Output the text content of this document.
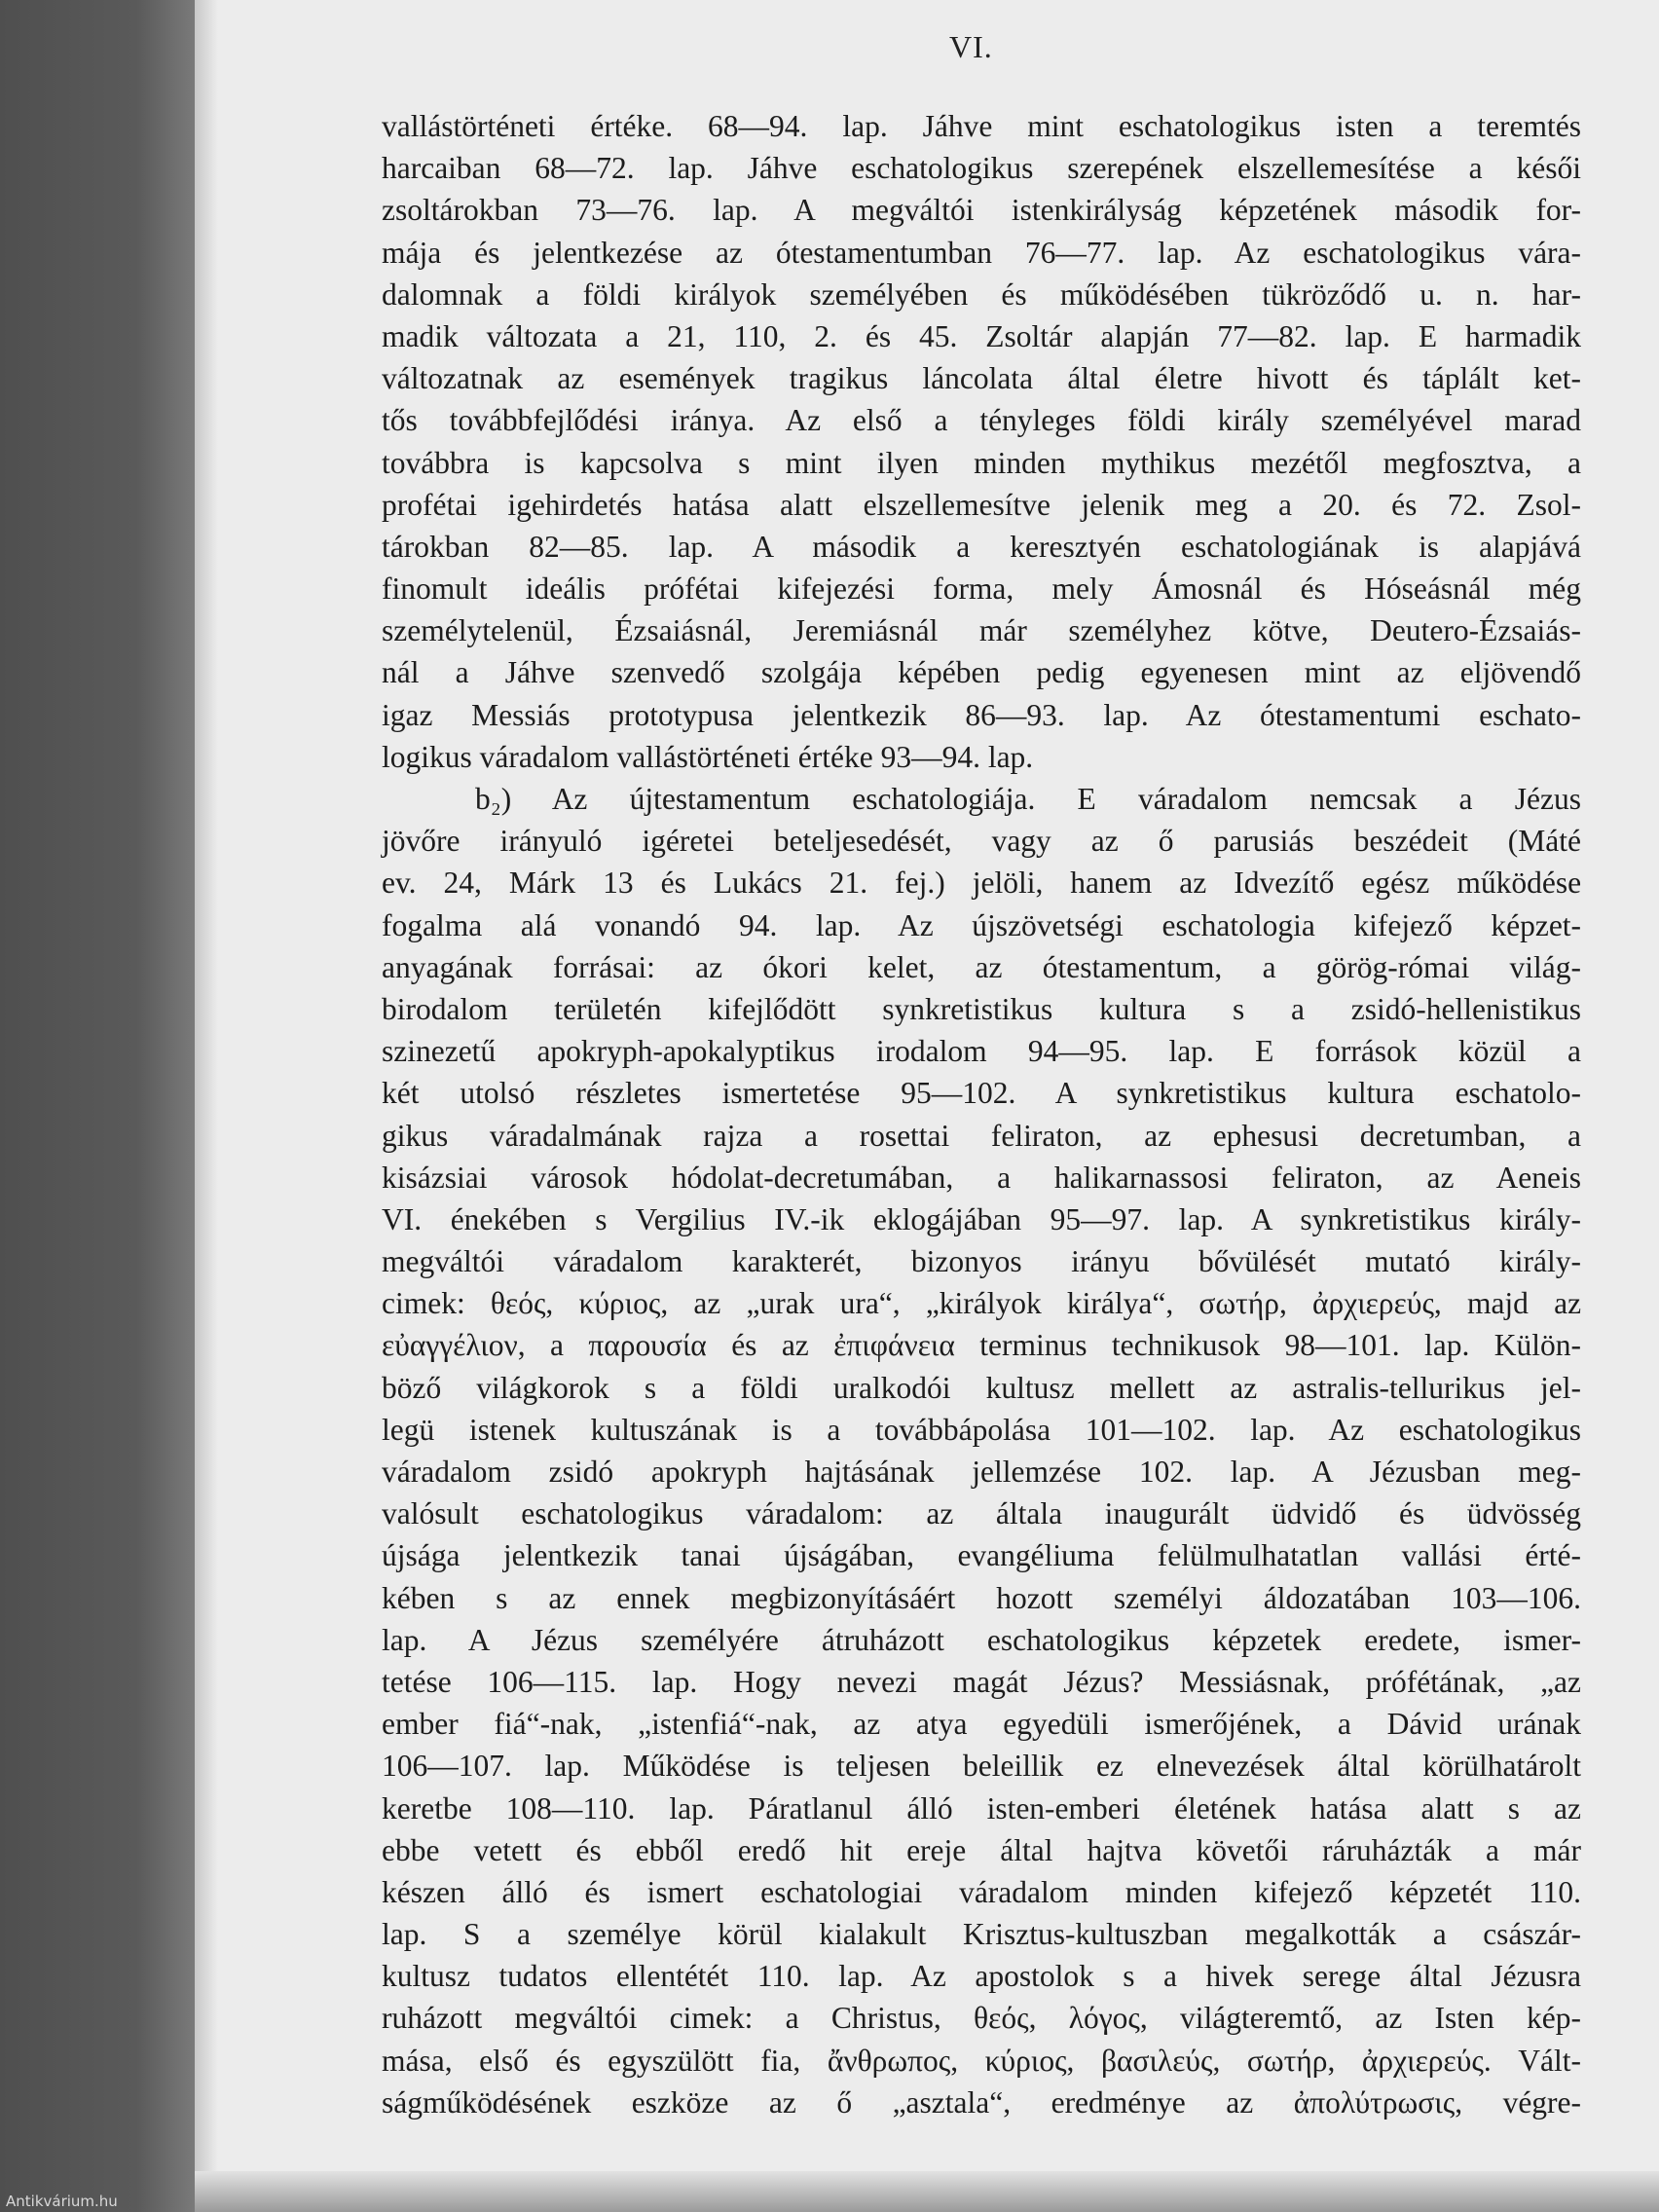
VI.
vallástörténeti értéke. 68—94. lap. Jáhve mint eschatologikus isten a teremtés
harcaiban 68—72. lap. Jáhve eschatologikus szerepének elszellemesítése a késői
zsoltárokban 73—76. lap. A megváltói istenkirályság képzetének második for-
mája és jelentkezése az ótestamentumban 76—77. lap. Az eschatologikus vára-
dalomnak a földi királyok személyében és működésében tükröződő u. n. har-
madik változata a 21, 110, 2. és 45. Zsoltár alapján 77—82. lap. E harmadik
változatnak az események tragikus láncolata által életre hivott és táplált ket-
tős továbbfejlődési iránya. Az első a tényleges földi király személyével marad
továbbra is kapcsolva s mint ilyen minden mythikus mezétől megfosztva, a
profétai igehirdetés hatása alatt elszellemesítve jelenik meg a 20. és 72. Zsol-
tárokban 82—85. lap. A második a keresztyén eschatologiának is alapjává
finomult ideális prófétai kifejezési forma, mely Ámosnál és Hóseásnál még
személytelenül, Ézsaiásnál, Jeremiásnál már személyhez kötve, Deutero-Ézsaiás-
nál a Jáhve szenvedő szolgája képében pedig egyenesen mint az eljövendő
igaz Messiás prototypusa jelentkezik 86—93. lap. Az ótestamentumi eschato-
logikus váradalom vallástörténeti értéke 93—94. lap.
b₂) Az újtestamentum eschatologiája. E váradalom nemcsak a Jézus
jövőre irányuló igéretei beteljesedését, vagy az ő parusiás beszédeit (Máté
ev. 24, Márk 13 és Lukács 21. fej.) jelöli, hanem az Idvezítő egész működése
fogalma alá vonandó 94. lap. Az újszövetségi eschatologia kifejező képzet-
anyagának forrásai: az ókori kelet, az ótestamentum, a görög-római világ-
birodalom területén kifejlődött synkretistikus kultura s a zsidó-hellenistikus
szinezetű apokryph-apokalyptikus irodalom 94—95. lap. E források közül a
két utolsó részletes ismertetése 95—102. A synkretistikus kultura eschatolo-
gikus váradalmának rajza a rosettai feliraton, az ephesusi decretumban, a
kisázsiai városok hódolat-decretumában, a halikarnassosi feliraton, az Aeneis
VI. énekében s Vergilius IV.-ik eklogájában 95—97. lap. A synkretistikus király-
megváltói váradalom karakterét, bizonyos irányu bővülését mutató király-
cimek: θεός, κύριος, az „urak ura“, „királyok királya“, σωτήρ, ἀρχιερεύς, majd az
εὐαγγέλιον, a παρουσία és az ἐπιφάνεια terminus technikusok 98—101. lap. Külön-
böző világkorok s a földi uralkodói kultusz mellett az astralis-tellurikus jel-
legü istenek kultuszának is a továbbápolása 101—102. lap. Az eschatologikus
váradalom zsidó apokryph hajtásának jellemzése 102. lap. A Jézusban meg-
valósult eschatologikus váradalom: az általa inaugurált üdvidő és üdvösség
újsága jelentkezik tanai újságában, evangéliuma felülmulhatatlan vallási érté-
kében s az ennek megbizonyításáért hozott személyi áldozatában 103—106.
lap. A Jézus személyére átruházott eschatologikus képzetek eredete, ismer-
tetése 106—115. lap. Hogy nevezi magát Jézus? Messiásnak, prófétának, „az
ember fiá“-nak, „istenfiá“-nak, az atya egyedüli ismerőjének, a Dávid urának
106—107. lap. Működése is teljesen beleillik ez elnevezések által körülhatárolt
keretbe 108—110. lap. Páratlanul álló isten-emberi életének hatása alatt s az
ebbe vetett és ebből eredő hit ereje által hajtva követői ráruházták a már
készen álló és ismert eschatologiai váradalom minden kifejező képzetét 110.
lap. S a személye körül kialakult Krisztus-kultuszban megalkották a császár-
kultusz tudatos ellentétét 110. lap. Az apostolok s a hivek serege által Jézusra
ruházott megváltói cimek: a Christus, θεός, λόγος, világteremtő, az Isten kép-
mása, első és egyszülött fia, ἄνθρωπος, κύριος, βασιλεύς, σωτήρ, ἀρχιερεύς. Vált-
ságműködésének eszköze az ő „asztala“, eredménye az ἀπολύτρωσις, végre-
Antikvárium.hu
